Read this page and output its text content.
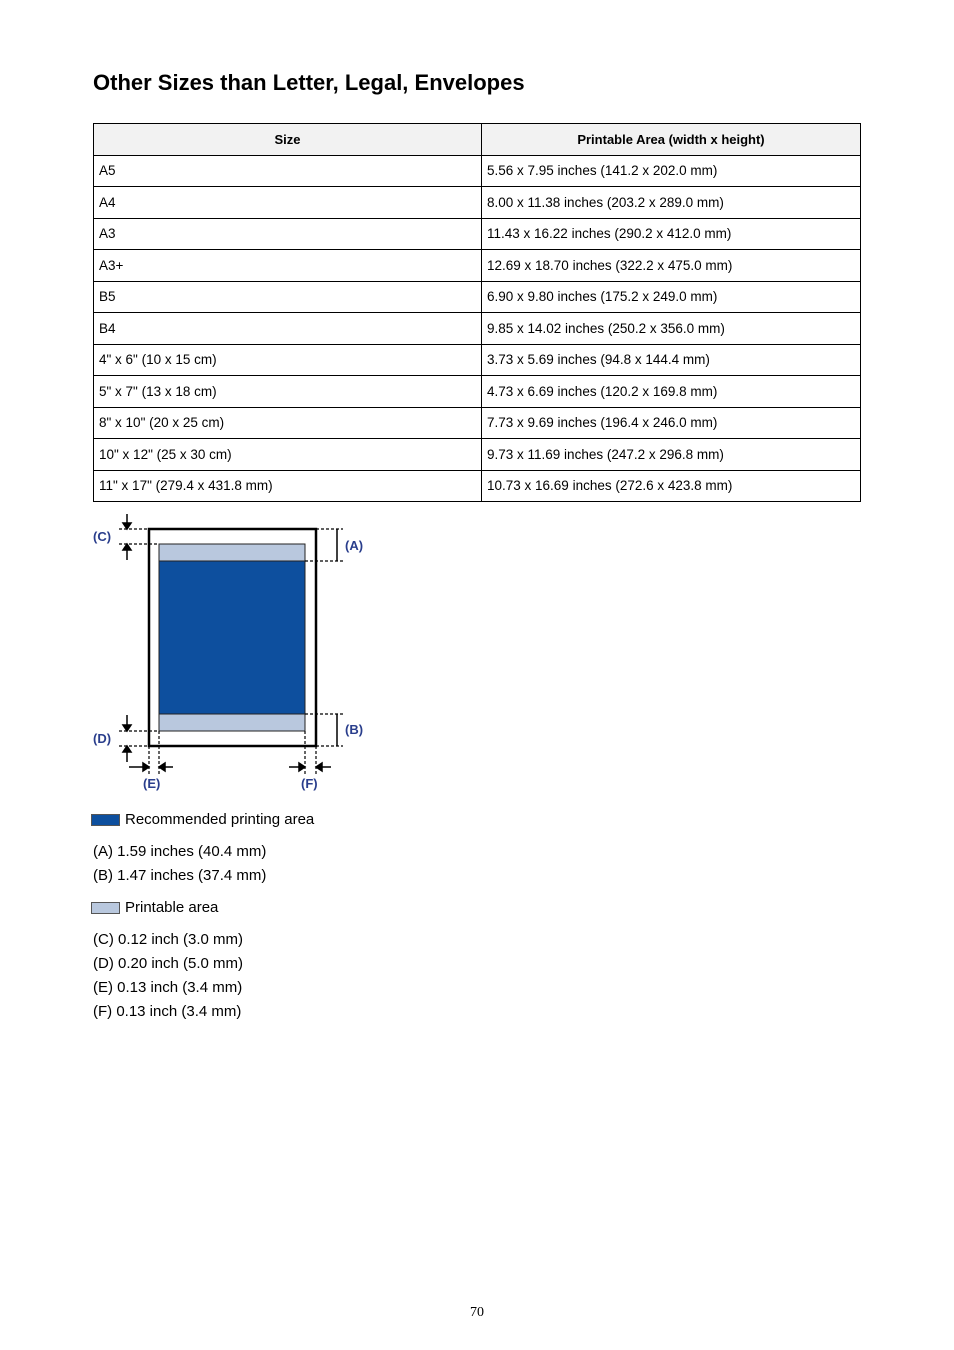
Other Sizes than Letter, Legal, Envelopes
Size	Printable Area (width x height)
A5	5.56 x 7.95 inches (141.2 x 202.0 mm)
A4	8.00 x 11.38 inches (203.2 x 289.0 mm)
A3	11.43 x 16.22 inches (290.2 x 412.0 mm)
A3+	12.69 x 18.70 inches (322.2 x 475.0 mm)
B5	6.90 x 9.80 inches (175.2 x 249.0 mm)
B4	9.85 x 14.02 inches (250.2 x 356.0 mm)
4" x 6" (10 x 15 cm)	3.73 x 5.69 inches (94.8 x 144.4 mm)
5" x 7" (13 x 18 cm)	4.73 x 6.69 inches (120.2 x 169.8 mm)
8" x 10" (20 x 25 cm)	7.73 x 9.69 inches (196.4 x 246.0 mm)
10" x 12" (25 x 30 cm)	9.73 x 11.69 inches (247.2 x 296.8 mm)
11" x 17" (279.4 x 431.8 mm)	10.73 x 16.69 inches (272.6 x 423.8 mm)
(C)
(A)
(B)
(D)
(E)	(F)
Recommended printing area

(A) 1.59 inches (40.4 mm)

(B) 1.47 inches (37.4 mm)

Printable area

(C) 0.12 inch (3.0 mm)

(D) 0.20 inch (5.0 mm)

(E) 0.13 inch (3.4 mm)

(F) 0.13 inch (3.4 mm)

70
